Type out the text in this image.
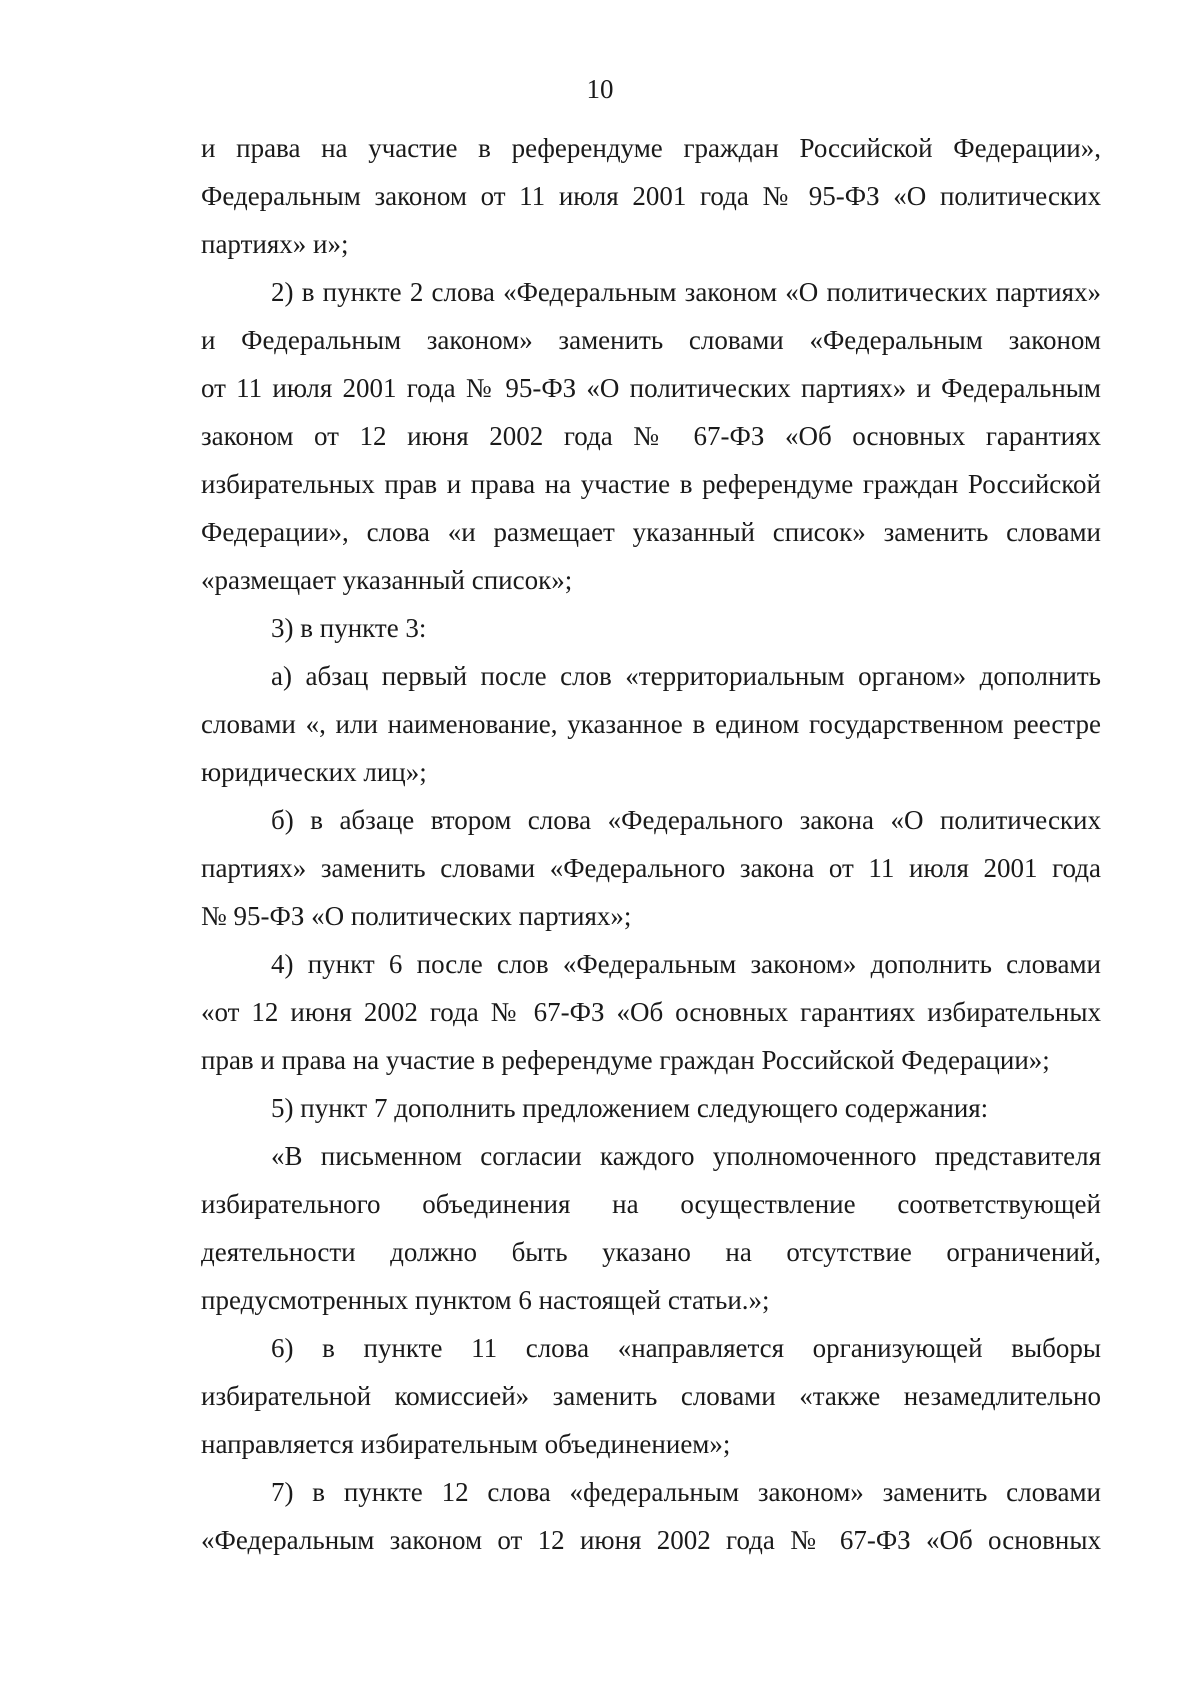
10
и права на участие в референдуме граждан Российской Федерации»,
Федеральным законом от 11 июля 2001 года № 95-ФЗ «О политических
партиях» и»;
2) в пункте 2 слова «Федеральным законом «О политических партиях»
и Федеральным законом» заменить словами «Федеральным законом
от 11 июля 2001 года № 95-ФЗ «О политических партиях» и Федеральным
законом от 12 июня 2002 года № 67-ФЗ «Об основных гарантиях
избирательных прав и права на участие в референдуме граждан Российской
Федерации», слова «и размещает указанный список» заменить словами
«размещает указанный список»;
3) в пункте 3:
а) абзац первый после слов «территориальным органом» дополнить
словами «, или наименование, указанное в едином государственном реестре
юридических лиц»;
б) в абзаце втором слова «Федерального закона «О политических
партиях» заменить словами «Федерального закона от 11 июля 2001 года
№ 95-ФЗ «О политических партиях»;
4) пункт 6 после слов «Федеральным законом» дополнить словами
«от 12 июня 2002 года № 67-ФЗ «Об основных гарантиях избирательных
прав и права на участие в референдуме граждан Российской Федерации»;
5) пункт 7 дополнить предложением следующего содержания:
«В письменном согласии каждого уполномоченного представителя
избирательного объединения на осуществление соответствующей
деятельности должно быть указано на отсутствие ограничений,
предусмотренных пунктом 6 настоящей статьи.»;
6) в пункте 11 слова «направляется организующей выборы
избирательной комиссией» заменить словами «также незамедлительно
направляется избирательным объединением»;
7) в пункте 12 слова «федеральным законом» заменить словами
«Федеральным законом от 12 июня 2002 года № 67-ФЗ «Об основных
